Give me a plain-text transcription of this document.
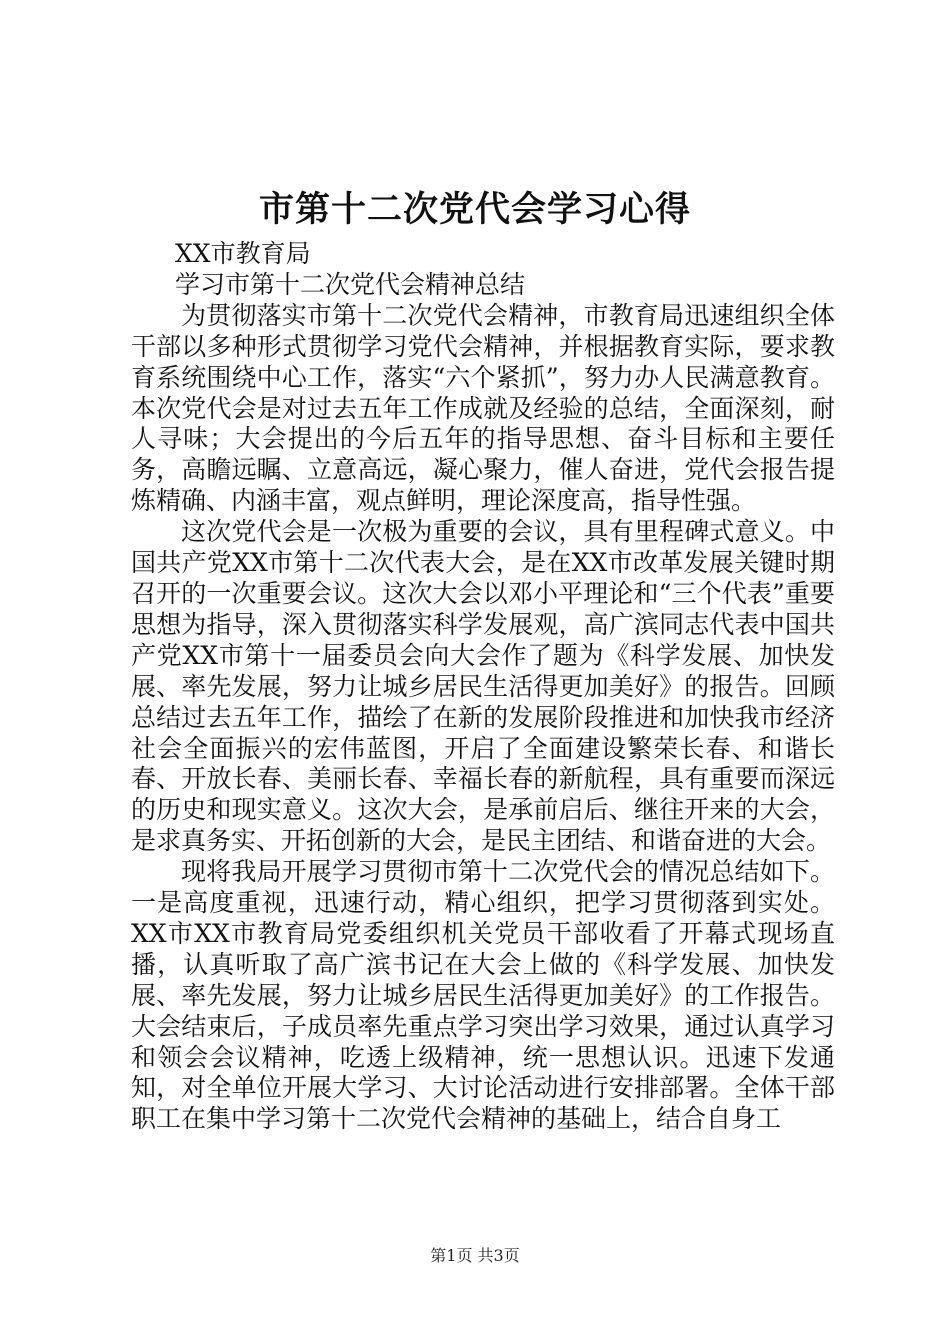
市第十二次党代会学习心得

XX市教育局

学习市第十二次党代会精神总结

为贯彻落实市第十二次党代会精神，市教育局迅速组织全体干部以多种形式贯彻学习党代会精神，并根据教育实际，要求教育系统围绕中心工作，落实“六个紧抓”，努力办人民满意教育。本次党代会是对过去五年工作成就及经验的总结，全面深刻，耐人寻味；大会提出的今后五年的指导思想、奋斗目标和主要任务，高瞻远瞩、立意高远，凝心聚力，催人奋进，党代会报告提炼精确、内涵丰富，观点鲜明，理论深度高，指导性强。

这次党代会是一次极为重要的会议，具有里程碑式意义。中国共产党XX市第十二次代表大会，是在XX市改革发展关键时期召开的一次重要会议。这次大会以邓小平理论和“三个代表”重要思想为指导，深入贯彻落实科学发展观，高广滨同志代表中国共产党XX市第十一届委员会向大会作了题为《科学发展、加快发展、率先发展，努力让城乡居民生活得更加美好》的报告。回顾总结过去五年工作，描绘了在新的发展阶段推进和加快我市经济社会全面振兴的宏伟蓝图，开启了全面建设繁荣长春、和谐长春、开放长春、美丽长春、幸福长春的新航程，具有重要而深远的历史和现实意义。这次大会，是承前启后、继往开来的大会，是求真务实、开拓创新的大会，是民主团结、和谐奋进的大会。

现将我局开展学习贯彻市第十二次党代会的情况总结如下。一是高度重视，迅速行动，精心组织，把学习贯彻落到实处。XX市XX市教育局党委组织机关党员干部收看了开幕式现场直播，认真听取了高广滨书记在大会上做的《科学发展、加快发展、率先发展，努力让城乡居民生活得更加美好》的工作报告。大会结束后，子成员率先重点学习突出学习效果，通过认真学习和领会会议精神，吃透上级精神，统一思想认识。迅速下发通知，对全单位开展大学习、大讨论活动进行安排部署。全体干部职工在集中学习第十二次党代会精神的基础上，结合自身工

第1页 共3页
